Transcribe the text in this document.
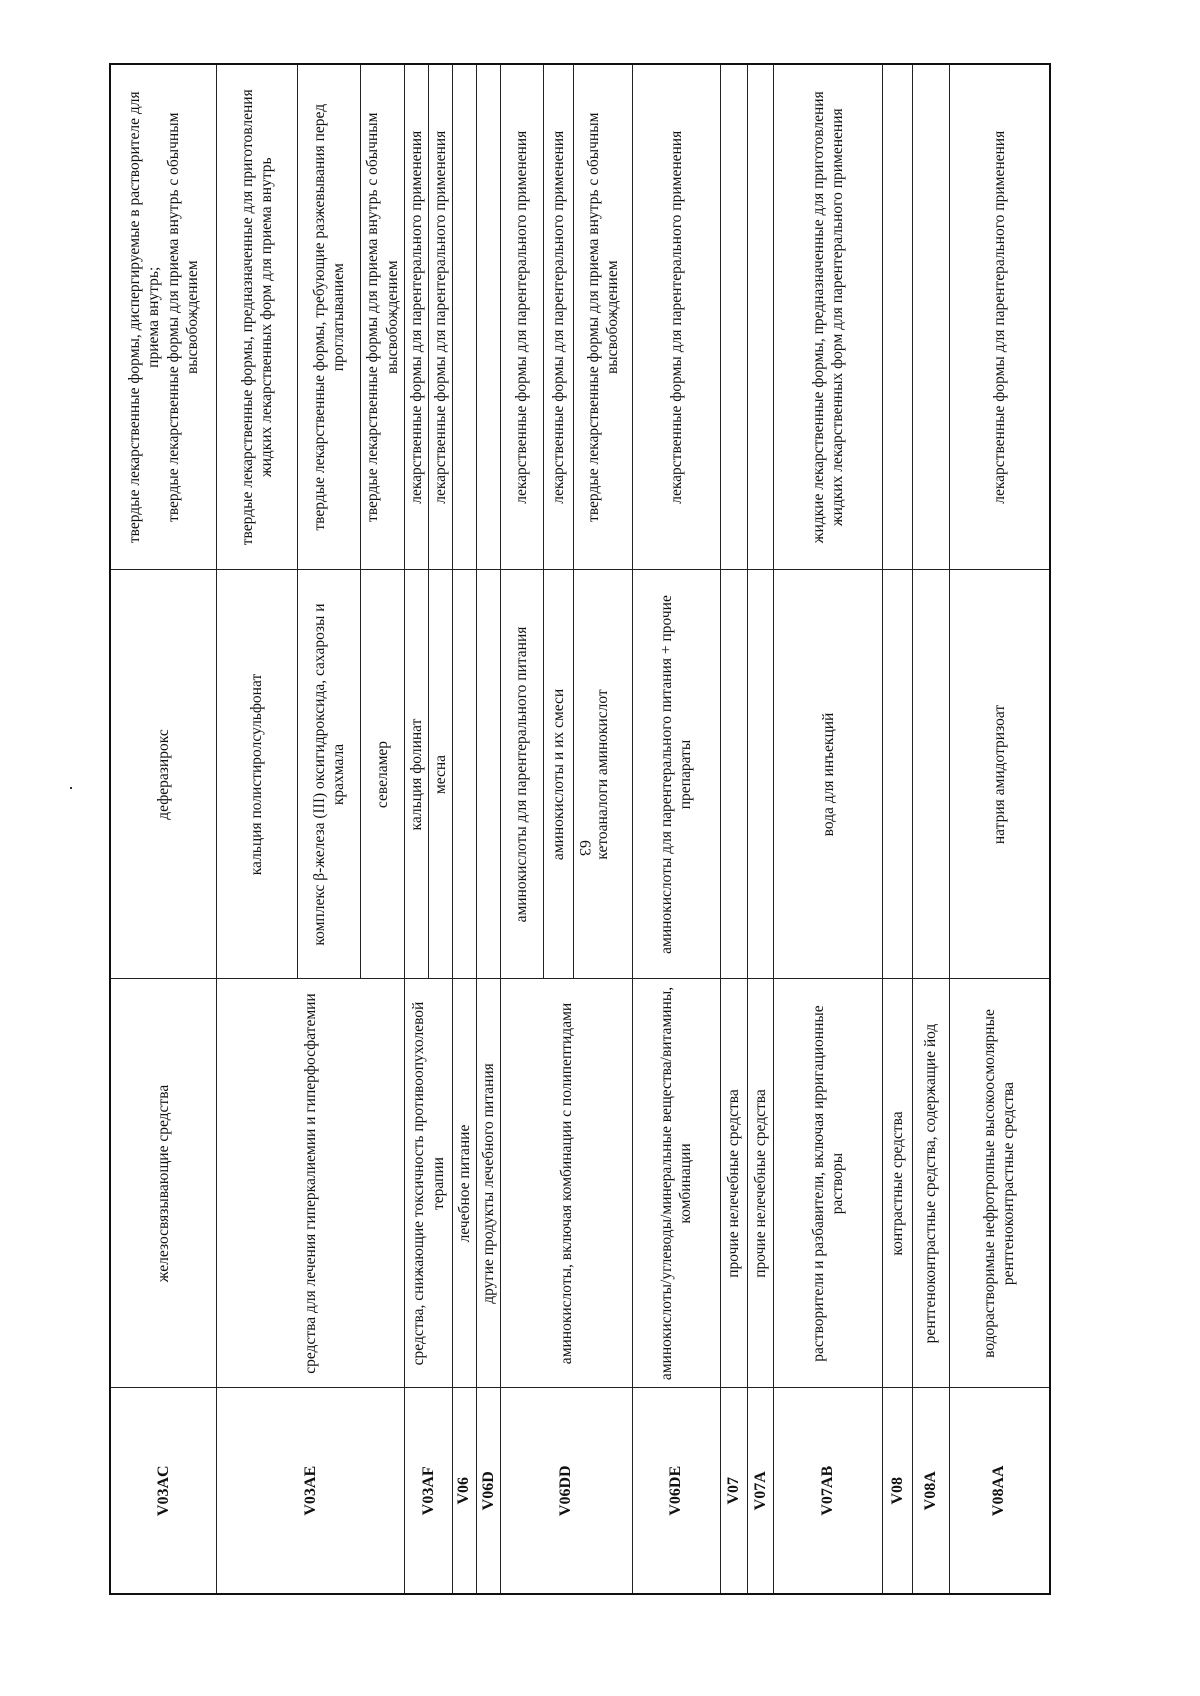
63
V03AC	железосвязывающие средства	деферазирокс	твердые лекарственные формы, диспергируемые в растворителе для приема внутрь;
твердые лекарственные формы для приема внутрь с обычным высвобождением
V03AE	средства для лечения гиперкалиемии и гиперфосфатемии	кальция полистиролсульфонат	твердые лекарственные формы, предназначенные для приготовления жидких лекарственных форм для приема внутрь
		комплекс β-железа (III) оксигидроксида, сахарозы и крахмала	твердые лекарственные формы, требующие разжевывания перед проглатыванием
		севеламер	твердые лекарственные формы для приема внутрь с обычным высвобождением
V03AF	средства, снижающие токсичность противоопухолевой терапии	кальция фолинат	лекарственные формы для парентерального применения
		месна	лекарственные формы для парентерального применения
V06	лечебное питание		
V06D	другие продукты лечебного питания		
V06DD	аминокислоты, включая комбинации с полипептидами	аминокислоты для парентерального питания	лекарственные формы для парентерального применения
		аминокислоты и их смеси	лекарственные формы для парентерального применения
		кетоаналоги аминокислот	твердые лекарственные формы для приема внутрь с обычным высвобождением
V06DE	аминокислоты/углеводы/минеральные вещества/витамины, комбинации	аминокислоты для парентерального питания + прочие препараты	лекарственные формы для парентерального применения
V07	прочие нелечебные средства		
V07A	прочие нелечебные средства		
V07AB	растворители и разбавители, включая ирригационные растворы	вода для инъекций	жидкие лекарственные формы, предназначенные для приготовления жидких лекарственных форм для парентерального применения
V08	контрастные средства		
V08A	рентгеноконтрастные средства, содержащие йод		
V08AA	водорастворимые нефротропные высокоосмолярные рентгеноконтрастные средства	натрия амидотризоат	лекарственные формы для парентерального применения
